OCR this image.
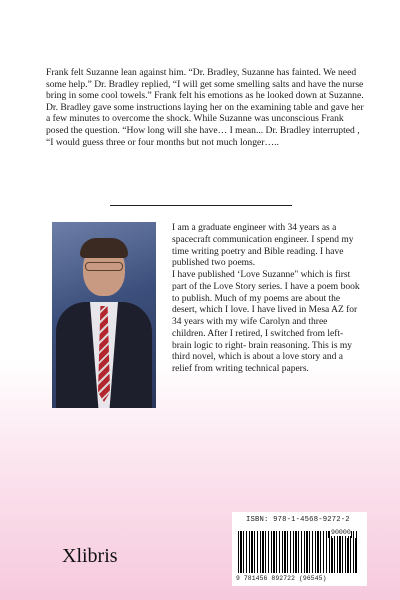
Frank felt Suzanne lean against him. “Dr. Bradley, Suzanne has fainted. We need some help.” Dr. Bradley replied, “I will get some smelling salts and have the nurse bring in some cool towels.” Frank felt his emotions as he looked down at Suzanne. Dr. Bradley gave some instructions laying her on the examining table and gave her a few minutes to overcome the shock. While Suzanne was unconscious Frank posed the question. “How long will she have… I mean... Dr. Bradley interrupted , “I would guess three or four months but not much longer…..

I am a graduate engineer with 34 years as a spacecraft communication engineer. I spend my time writing poetry and Bible reading. I have published two poems.

I have published ‘Love Suzanne" which is first part of the Love Story series. I have a poem book to publish. Much of my poems are about the desert, which I love. I have lived in Mesa AZ for 34 years with my wife Carolyn and three children. After I retired, I switched from left-brain logic to right- brain reasoning. This is my third novel, which is about a love story and a relief from writing technical papers.

ISBN: 978-1-4568-9272-2
90000
9 781456 892722 (96545)
Xlibris
